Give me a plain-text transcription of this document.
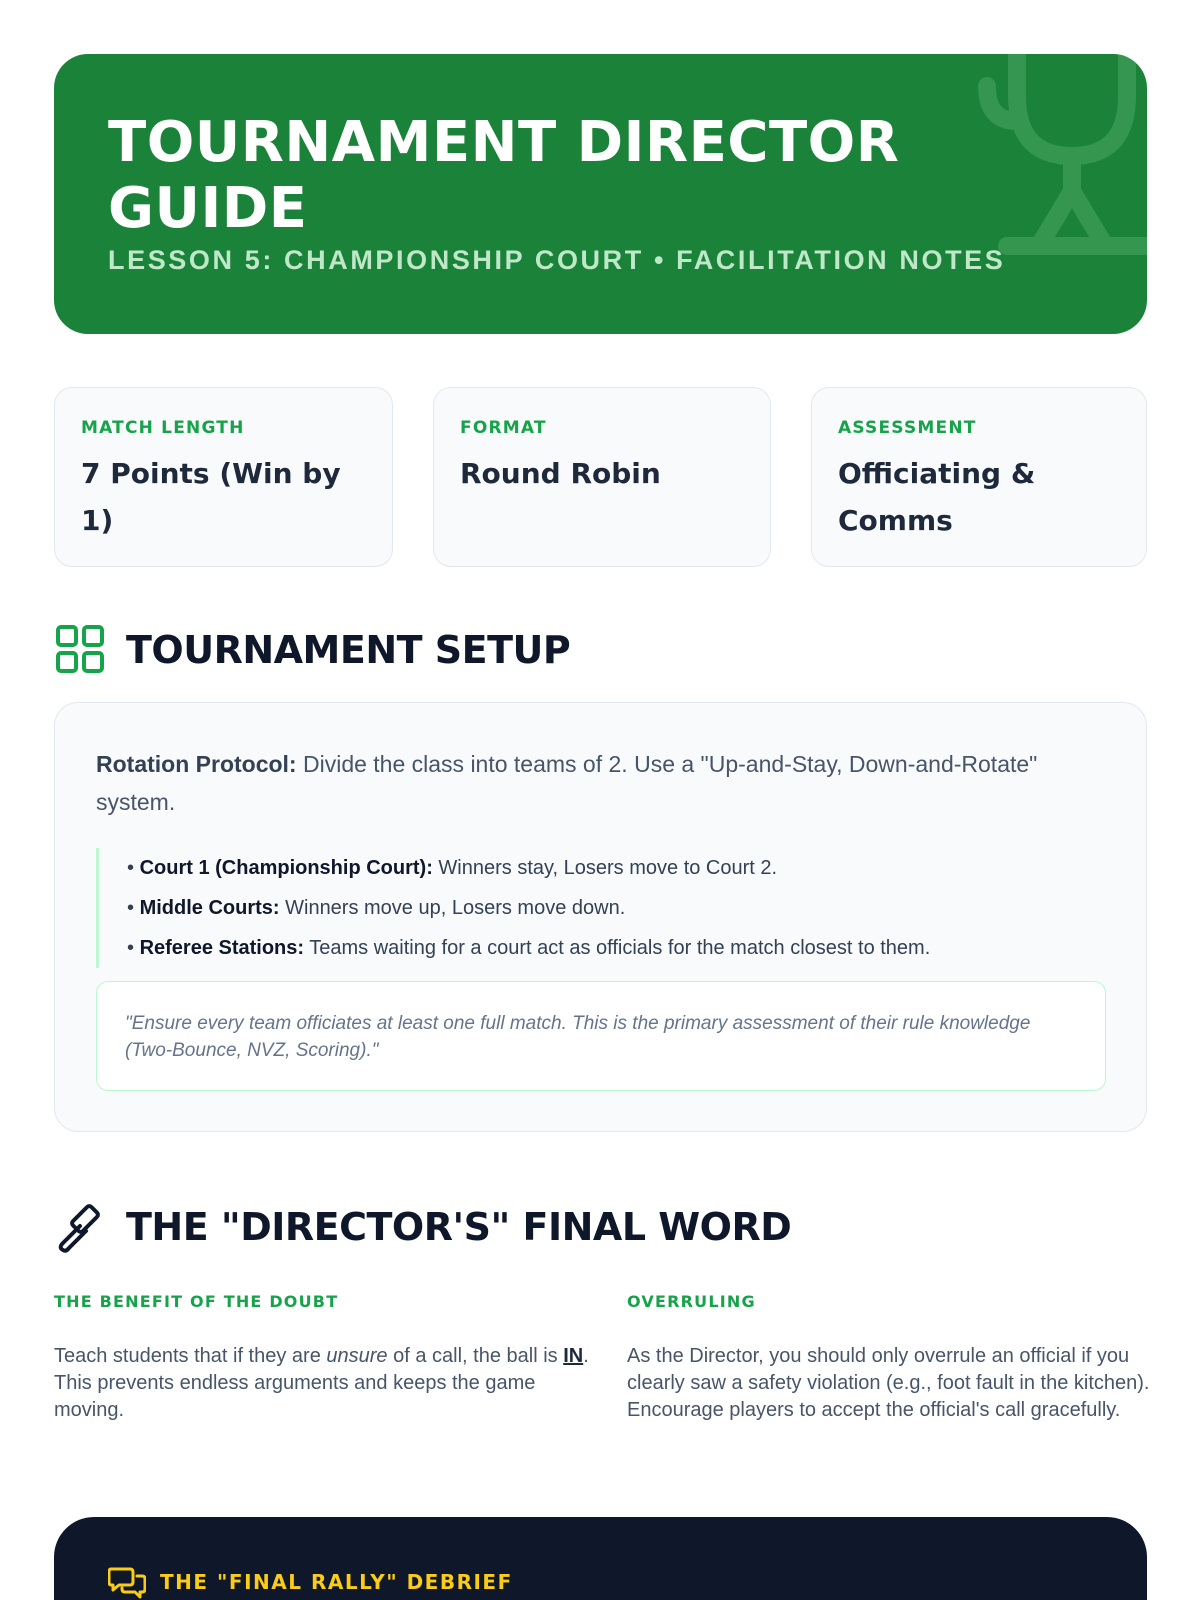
TOURNAMENT DIRECTOR GUIDE
LESSON 5: CHAMPIONSHIP COURT • FACILITATION NOTES
MATCH LENGTH
7 Points (Win by 1)
FORMAT
Round Robin
ASSESSMENT
Officiating & Comms
TOURNAMENT SETUP
Rotation Protocol: Divide the class into teams of 2. Use a "Up-and-Stay, Down-and-Rotate" system.
• Court 1 (Championship Court): Winners stay, Losers move to Court 2.
• Middle Courts: Winners move up, Losers move down.
• Referee Stations: Teams waiting for a court act as officials for the match closest to them.
"Ensure every team officiates at least one full match. This is the primary assessment of their rule knowledge (Two-Bounce, NVZ, Scoring)."
THE "DIRECTOR'S" FINAL WORD
THE BENEFIT OF THE DOUBT
Teach students that if they are unsure of a call, the ball is IN. This prevents endless arguments and keeps the game moving.
OVERRULING
As the Director, you should only overrule an official if you clearly saw a safety violation (e.g., foot fault in the kitchen). Encourage players to accept the official's call gracefully.
THE "FINAL RALLY" DEBRIEF
